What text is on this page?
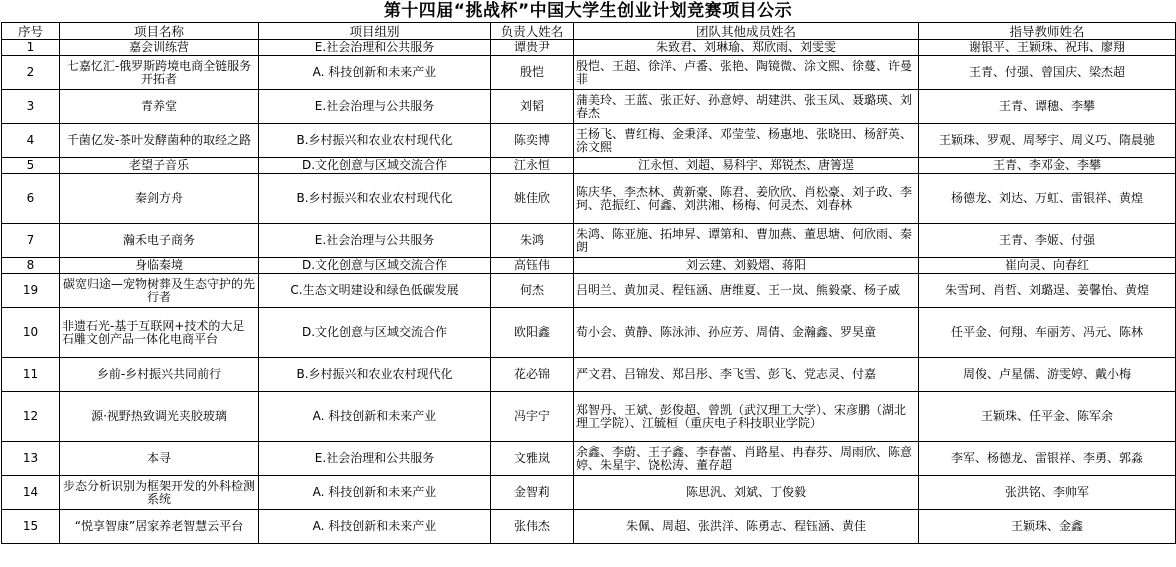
第十四届“挑战杯”中国大学生创业计划竞赛项目公示
序号	项目名称	项目组别	负责人姓名	团队其他成员姓名	指导教师姓名
1	嘉会训练营	E.社会治理和公共服务	谭贵尹	朱致君、刘琳瑜、郑欣雨、刘雯雯	谢银平、王颖珠、祝玮、廖翔
2	七嘉忆汇-俄罗斯跨境电商全链服务开拓者	A. 科技创新和未来产业	殷恺	殷恺、王超、徐洋、卢番、张艳、陶镜微、涂文熙、徐蔓、许曼菲	王青、付强、曾国庆、梁杰超
3	青养堂	E.社会治理与公共服务	刘韬	蒲美玲、王蓝、张正好、孙意婷、胡建洪、张玉凤、聂璐瑛、刘春杰	王青、谭穗、李攀
4	千菌亿发-茶叶发酵菌种的取经之路	B.乡村振兴和农业农村现代化	陈奕博	王杨飞、曹红梅、金秉泽、邓莹莹、杨惠地、张晓田、杨舒英、涂文熙	王颖珠、罗观、周琴宇、周义巧、隋晨驰
5	老望子音乐	D.文化创意与区域交流合作	江永恒	江永恒、刘超、易科宇、郑锐杰、唐箐逞	王青、李邓金、李攀
6	秦剑方舟	B.乡村振兴和农业农村现代化	姚佳欣	陈庆华、李杰林、黄新豪、陈君、姜欣欣、肖松豪、刘子政、李珂、范振红、何鑫、刘洪湘、杨梅、何灵杰、刘春林	杨德龙、刘达、万虹、雷银祥、黄煌
7	瀚禾电子商务	E.社会治理与公共服务	朱鸿	朱鸿、陈亚施、拓坤昇、谭第和、曹加燕、董思塘、何欣雨、秦朗	王青、李姬、付强
8	身临秦境	D.文化创意与区域交流合作	高钰伟	刘云建、刘毅熠、蒋阳	崔向灵、向春红
19	碳宽归途—宠物树葬及生态守护的先行者	C.生态文明建设和绿色低碳发展	何杰	吕明兰、黄加灵、程钰涵、唐维夏、王一岚、熊毅豪、杨子威	朱雪珂、肖哲、刘璐逞、姜馨怡、黄煌
10	非遗石光-基于互联网+技术的大足石雕文创产品一体化电商平台	D.文化创意与区域交流合作	欧阳鑫	荀小会、黄静、陈泳沛、孙应芳、周倩、金瀚鑫、罗昊童	任平金、何翔、车丽芳、冯元、陈林
11	乡前-乡村振兴共同前行	B.乡村振兴和农业农村现代化	花必锦	严文君、吕锦发、郑吕彤、李飞雪、彭飞、党志灵、付嘉	周俊、卢星儒、游雯婷、戴小梅
12	源·视野热致调光夹胶玻璃	A. 科技创新和未来产业	冯宇宁	郑智丹、王斌、彭俊超、曾凯（武汉理工大学）、宋彦鹏（湖北理工学院）、江毓桓（重庆电子科技职业学院）	王颖珠、任平金、陈军余
13	本寻	E.社会治理和公共服务	文雅岚	余鑫、李蔚、王子鑫、李春蕾、肖路星、冉春芬、周雨欣、陈意婷、朱星宇、饶松涛、董存超	李军、杨德龙、雷银祥、李勇、郭淼
14	步态分析识别为框架开发的外科检测系统	A. 科技创新和未来产业	金智莉	陈思汎、刘斌、丁俊毅	张洪铭、李帅军
15	“悦享智康”居家养老智慧云平台	A. 科技创新和未来产业	张伟杰	朱佩、周超、张洪洋、陈勇志、程钰涵、黄佳	王颖珠、金鑫
